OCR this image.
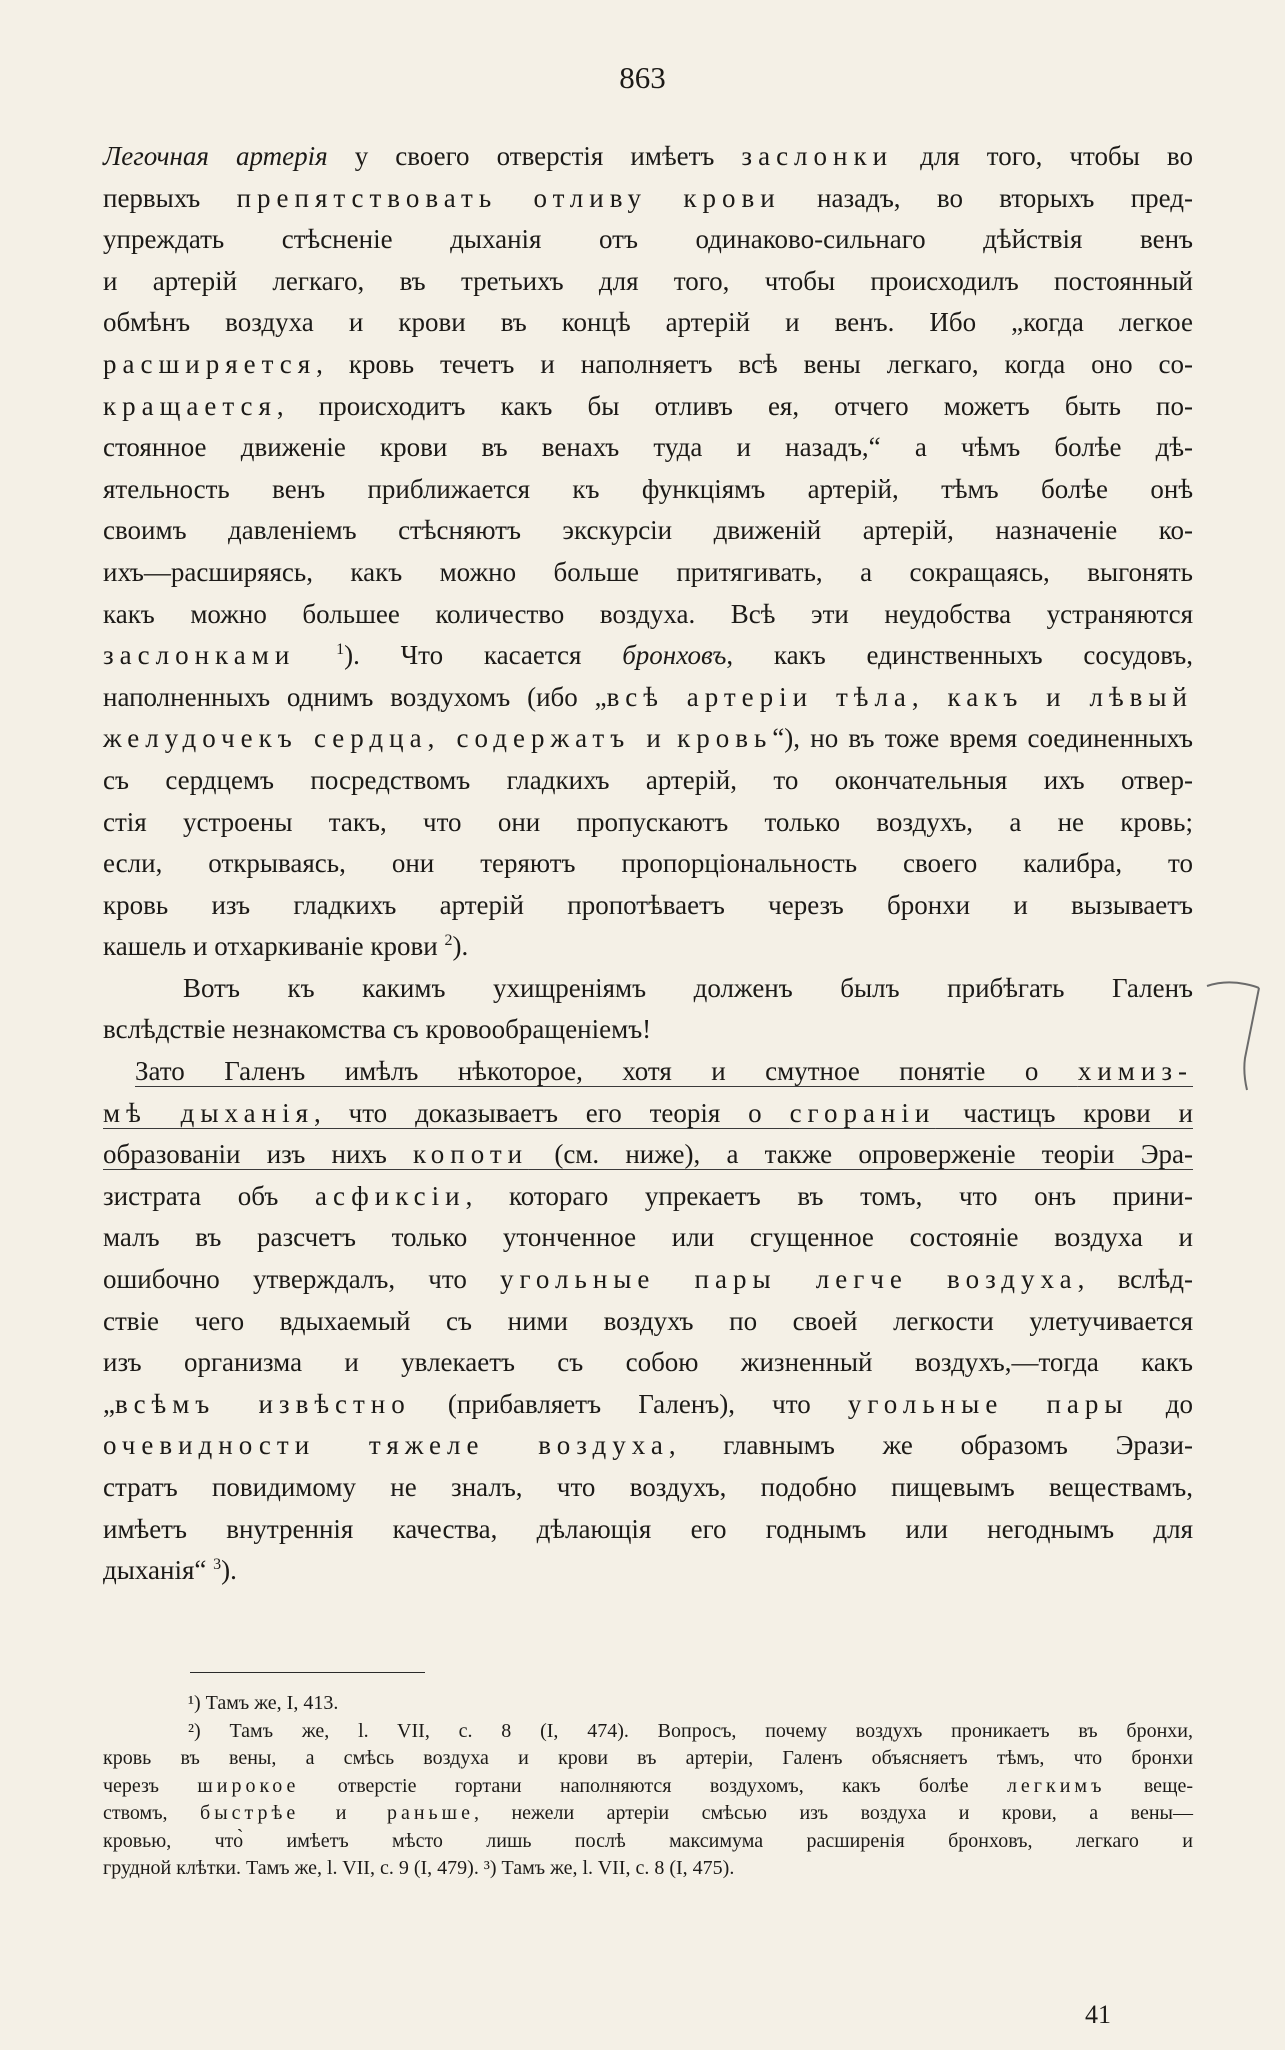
863
Легочная артерія у своего отверстія имѣетъ заслонки для того, чтобы во
первыхъ препятствовать отливу крови назадъ, во вторыхъ пред-
упреждать стѣсненіе дыханія отъ одинаково-сильнаго дѣйствія венъ
и артерій легкаго, въ третьихъ для того, чтобы происходилъ постоянный
обмѣнъ воздуха и крови въ концѣ артерій и венъ. Ибо „когда легкое
расширяется, кровь течетъ и наполняетъ всѣ вены легкаго, когда оно со-
кращается, происходитъ какъ бы отливъ ея, отчего можетъ быть по-
стоянное движеніе крови въ венахъ туда и назадъ,“ а чѣмъ болѣе дѣ-
ятельность венъ приближается къ функціямъ артерій, тѣмъ болѣе онѣ
своимъ давленіемъ стѣсняютъ экскурсіи движеній артерій, назначеніе ко-
ихъ—расширяясь, какъ можно больше притягивать, а сокращаясь, выгонять
какъ можно большее количество воздуха. Всѣ эти неудобства устраняются
заслонками	$^1$). Что касается бронховъ, какъ единственныхъ сосудовъ,
наполненныхъ однимъ воздухомъ (ибо „всѣ артеріи тѣла, какъ и лѣвый
желудочекъ сердца, содержатъ и кровь“), но въ тоже время соединенныхъ
съ сердцемъ посредствомъ гладкихъ артерій, то окончательныя ихъ отвер-
стія устроены такъ, что они пропускаютъ только воздухъ, а не кровь;
если, открываясь, они теряютъ пропорціональность своего калибра, то
кровь изъ гладкихъ артерій пропотѣваетъ черезъ бронхи и вызываетъ
кашель и отхаркиваніе крови $^2$).
Вотъ къ какимъ ухищреніямъ долженъ былъ прибѣгать Галенъ
вслѣдствіе незнакомства съ кровообращеніемъ!
Зато Галенъ имѣлъ нѣкоторое, хотя и смутное понятіе о химиз-
мѣ дыханія, что доказываетъ его теорія о сгораніи частицъ крови и
образованіи изъ нихъ копоти (см. ниже), а также опроверженіе теоріи Эра-
зистрата объ асфиксіи, котораго упрекаетъ въ томъ, что онъ прини-
малъ въ разсчетъ только утонченное или сгущенное состояніе воздуха и
ошибочно утверждалъ, что угольные пары легче воздуха, вслѣд-
ствіе чего вдыхаемый съ ними воздухъ по своей легкости улетучивается
изъ организма и увлекаетъ съ собою жизненный воздухъ,—тогда какъ
„всѣмъ извѣстно (прибавляетъ Галенъ), что угольные пары до
очевидности тяжеле воздуха, главнымъ же образомъ Эрази-
стратъ повидимому не зналъ, что воздухъ, подобно пищевымъ веществамъ,
имѣетъ внутреннія качества, дѣлающія его годнымъ или негоднымъ для
дыханія“ $^3$).
¹) Тамъ же, I, 413.
²) Тамъ же, l. VII, c. 8 (I, 474). Вопросъ, почему воздухъ проникаетъ въ бронхи,
кровь въ вены, а смѣсь воздуха и крови въ артеріи, Галенъ объясняетъ тѣмъ, что бронхи
черезъ широкое отверстіе гортани наполняются воздухомъ, какъ болѣе легкимъ веще-
ствомъ, быстрѣе и раньше, нежели артеріи смѣсью изъ воздуха и крови, а вены—
кровью, что̀ имѣетъ мѣсто лишь послѣ максимума расширенія бронховъ, легкаго и
грудной клѣтки. Тамъ же, l. VII, c. 9 (I, 479). ³) Тамъ же, l. VII, c. 8 (I, 475).
41
